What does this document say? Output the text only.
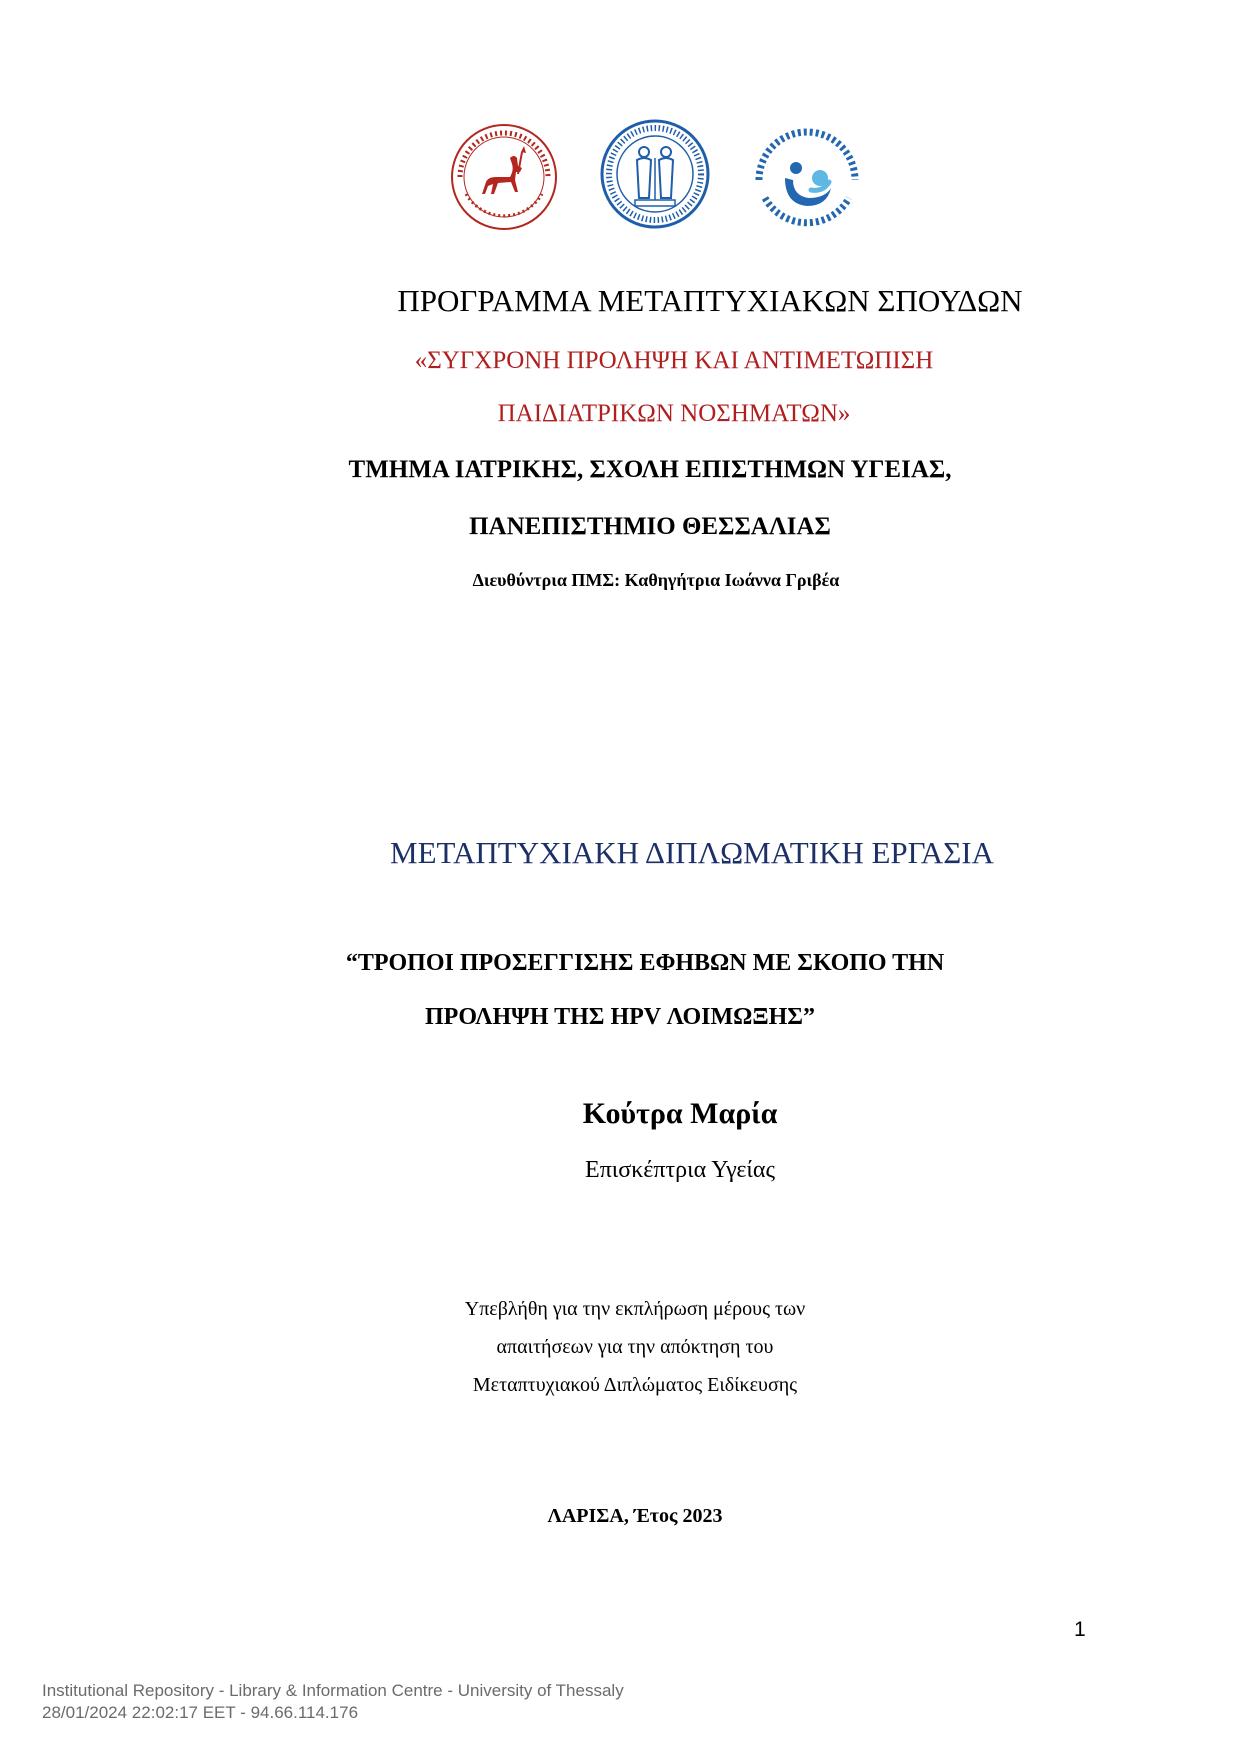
ΠΡΟΓΡΑΜΜΑ ΜΕΤΑΠΤΥΧΙΑΚΩΝ ΣΠΟΥΔΩΝ
«ΣΥΓΧΡΟΝΗ ΠΡΟΛΗΨΗ ΚΑΙ ΑΝΤΙΜΕΤΩΠΙΣΗ
ΠΑΙΔΙΑΤΡΙΚΩΝ ΝΟΣΗΜΑΤΩΝ»
ΤΜΗΜΑ ΙΑΤΡΙΚΗΣ, ΣΧΟΛΗ ΕΠΙΣΤΗΜΩΝ ΥΓΕΙΑΣ,
ΠΑΝΕΠΙΣΤΗΜΙΟ ΘΕΣΣΑΛΙΑΣ
Διευθύντρια ΠΜΣ: Καθηγήτρια Ιωάννα Γριβέα
ΜΕΤΑΠΤΥΧΙΑΚΗ ΔΙΠΛΩΜΑΤΙΚΗ ΕΡΓΑΣΙΑ
“ΤΡΟΠΟΙ ΠΡΟΣΕΓΓΙΣΗΣ ΕΦΗΒΩΝ ΜΕ ΣΚΟΠΟ ΤΗΝ
ΠΡΟΛΗΨΗ ΤΗΣ HPV ΛΟΙΜΩΞΗΣ”
Κούτρα Μαρία
Επισκέπτρια Υγείας
Υπεβλήθη για την εκπλήρωση μέρους των
απαιτήσεων για την απόκτηση του
Μεταπτυχιακού Διπλώματος Ειδίκευσης
ΛΑΡΙΣΑ, Έτος 2023
1
Institutional Repository - Library & Information Centre - University of Thessaly
28/01/2024 22:02:17 EET - 94.66.114.176
